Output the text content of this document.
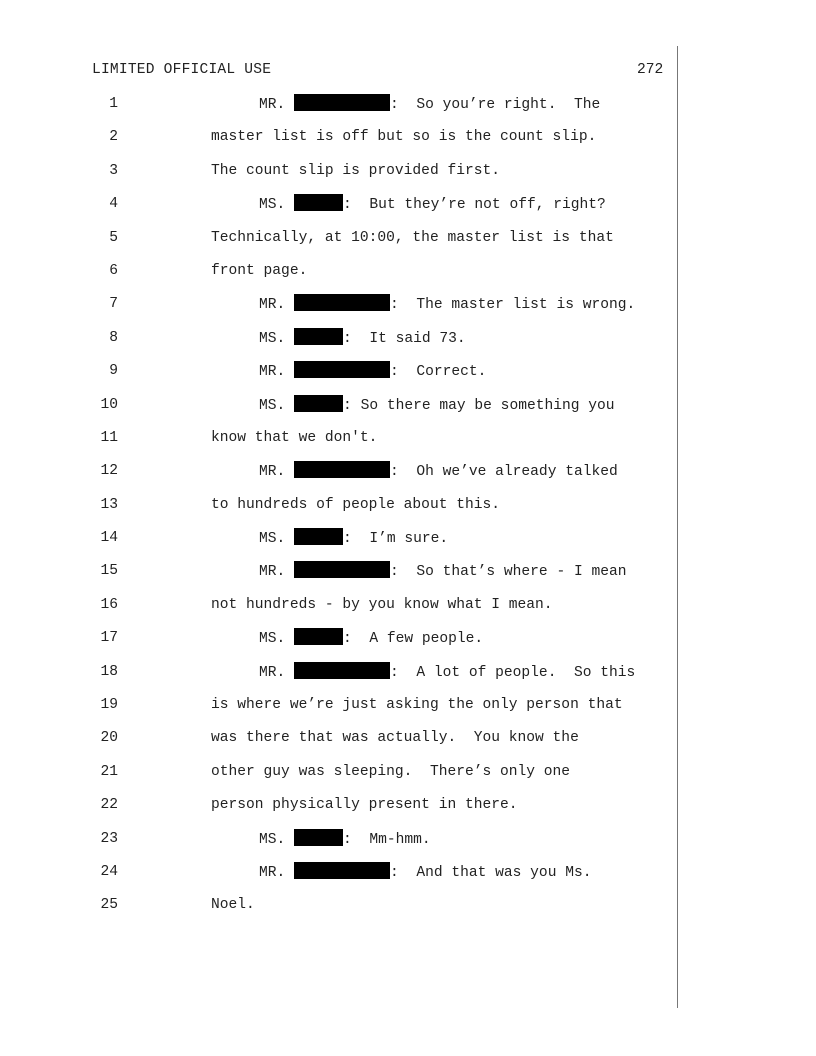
LIMITED OFFICIAL USE	272
1	MR.	:  So you’re right.  The
2	master list is off but so is the count slip.
3	The count slip is provided first.
4	MS.	:  But they’re not off, right?
5	Technically, at 10:00, the master list is that
6	front page.
7	MR.	:  The master list is wrong.
8	MS.	:  It said 73.
9	MR.	:  Correct.
10	MS.	: So there may be something you
11	know that we don't.
12	MR.	:  Oh we’ve already talked
13	to hundreds of people about this.
14	MS.	:  I’m sure.
15	MR.	:  So that’s where - I mean
16	not hundreds - by you know what I mean.
17	MS.	:  A few people.
18	MR.	:  A lot of people.  So this
19	is where we’re just asking the only person that
20	was there that was actually.  You know the
21	other guy was sleeping.  There’s only one
22	person physically present in there.
23	MS.	:  Mm-hmm.
24	MR.	:  And that was you Ms.
25	Noel.
